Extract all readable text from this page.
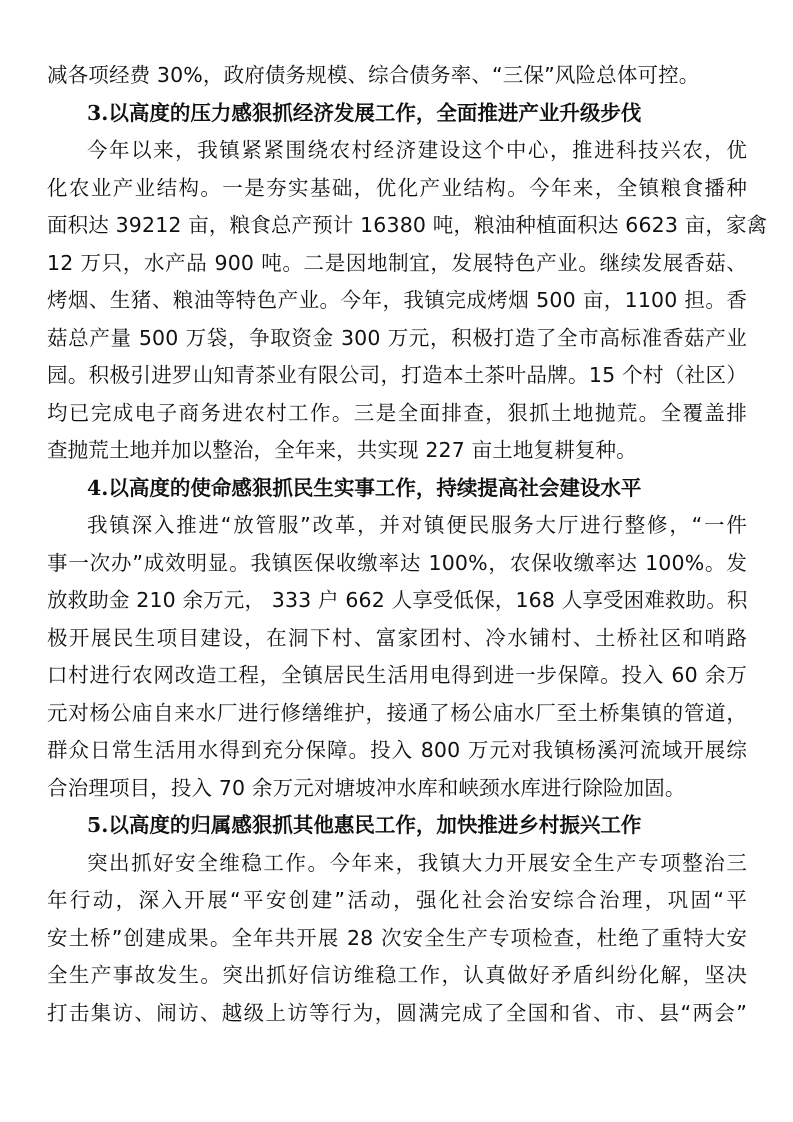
减各项经费 30%，政府债务规模、综合债务率、“三保”风险总体可控。
3.以高度的压力感狠抓经济发展工作，全面推进产业升级步伐
今年以来，我镇紧紧围绕农村经济建设这个中心，推进科技兴农，优
化农业产业结构。一是夯实基础，优化产业结构。今年来，全镇粮食播种
面积达 39212 亩，粮食总产预计 16380 吨，粮油种植面积达 6623 亩，家禽
12 万只，水产品 900 吨。二是因地制宜，发展特色产业。继续发展香菇、
烤烟、生猪、粮油等特色产业。今年，我镇完成烤烟 500 亩，1100 担。香
菇总产量 500 万袋，争取资金 300 万元，积极打造了全市高标准香菇产业
园。积极引进罗山知青茶业有限公司，打造本土茶叶品牌。15 个村（社区）
均已完成电子商务进农村工作。三是全面排查，狠抓土地抛荒。全覆盖排
查抛荒土地并加以整治，全年来，共实现 227 亩土地复耕复种。
4.以高度的使命感狠抓民生实事工作，持续提高社会建设水平
我镇深入推进“放管服”改革，并对镇便民服务大厅进行整修，“一件
事一次办”成效明显。我镇医保收缴率达 100%，农保收缴率达 100%。发
放救助金 210 余万元， 333 户 662 人享受低保，168 人享受困难救助。积
极开展民生项目建设，在洞下村、富家团村、冷水铺村、土桥社区和哨路
口村进行农网改造工程，全镇居民生活用电得到进一步保障。投入 60 余万
元对杨公庙自来水厂进行修缮维护，接通了杨公庙水厂至土桥集镇的管道，
群众日常生活用水得到充分保障。投入 800 万元对我镇杨溪河流域开展综
合治理项目，投入 70 余万元对塘坡冲水库和峡颈水库进行除险加固。
5.以高度的归属感狠抓其他惠民工作，加快推进乡村振兴工作
突出抓好安全维稳工作。今年来，我镇大力开展安全生产专项整治三
年行动，深入开展“平安创建”活动，强化社会治安综合治理，巩固“平
安土桥”创建成果。全年共开展 28 次安全生产专项检查，杜绝了重特大安
全生产事故发生。突出抓好信访维稳工作，认真做好矛盾纠纷化解，坚决
打击集访、闹访、越级上访等行为，圆满完成了全国和省、市、县“两会”
